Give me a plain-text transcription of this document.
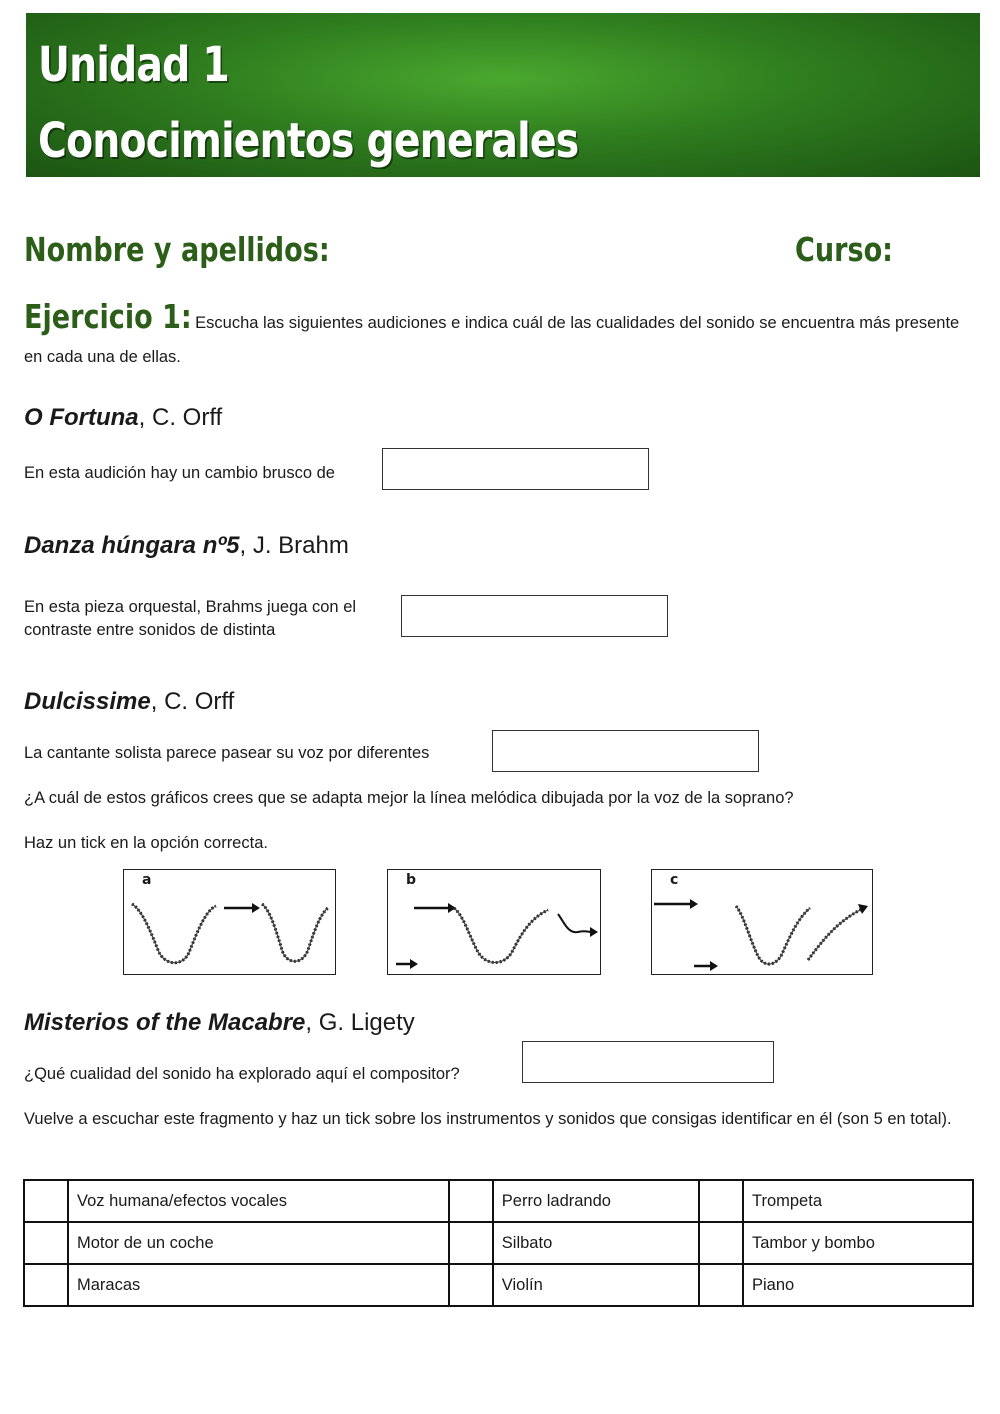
Unidad 1
Conocimientos generales
Nombre y apellidos:	Curso:
Ejercicio 1: Escucha las siguientes audiciones e indica cuál de las cualidades del sonido se encuentra más presente en cada una de ellas.
O Fortuna, C. Orff
En esta audición hay un cambio brusco de
Danza húngara nº5, J. Brahm
En esta pieza orquestal, Brahms juega con el contraste entre sonidos de distinta
Dulcissime, C. Orff
La cantante solista parece pasear su voz por diferentes
¿A cuál de estos gráficos crees que se adapta mejor la línea melódica dibujada por la voz de la soprano?
Haz un tick en la opción correcta.
a	b	c
Misterios of the Macabre, G. Ligety
¿Qué cualidad del sonido ha explorado aquí el compositor?
Vuelve a escuchar este fragmento y haz un tick sobre los instrumentos y sonidos que consigas identificar en él (son 5 en total).
	Voz humana/efectos vocales		Perro ladrando		Trompeta
	Motor de un coche		Silbato		Tambor y bombo
	Maracas		Violín		Piano
